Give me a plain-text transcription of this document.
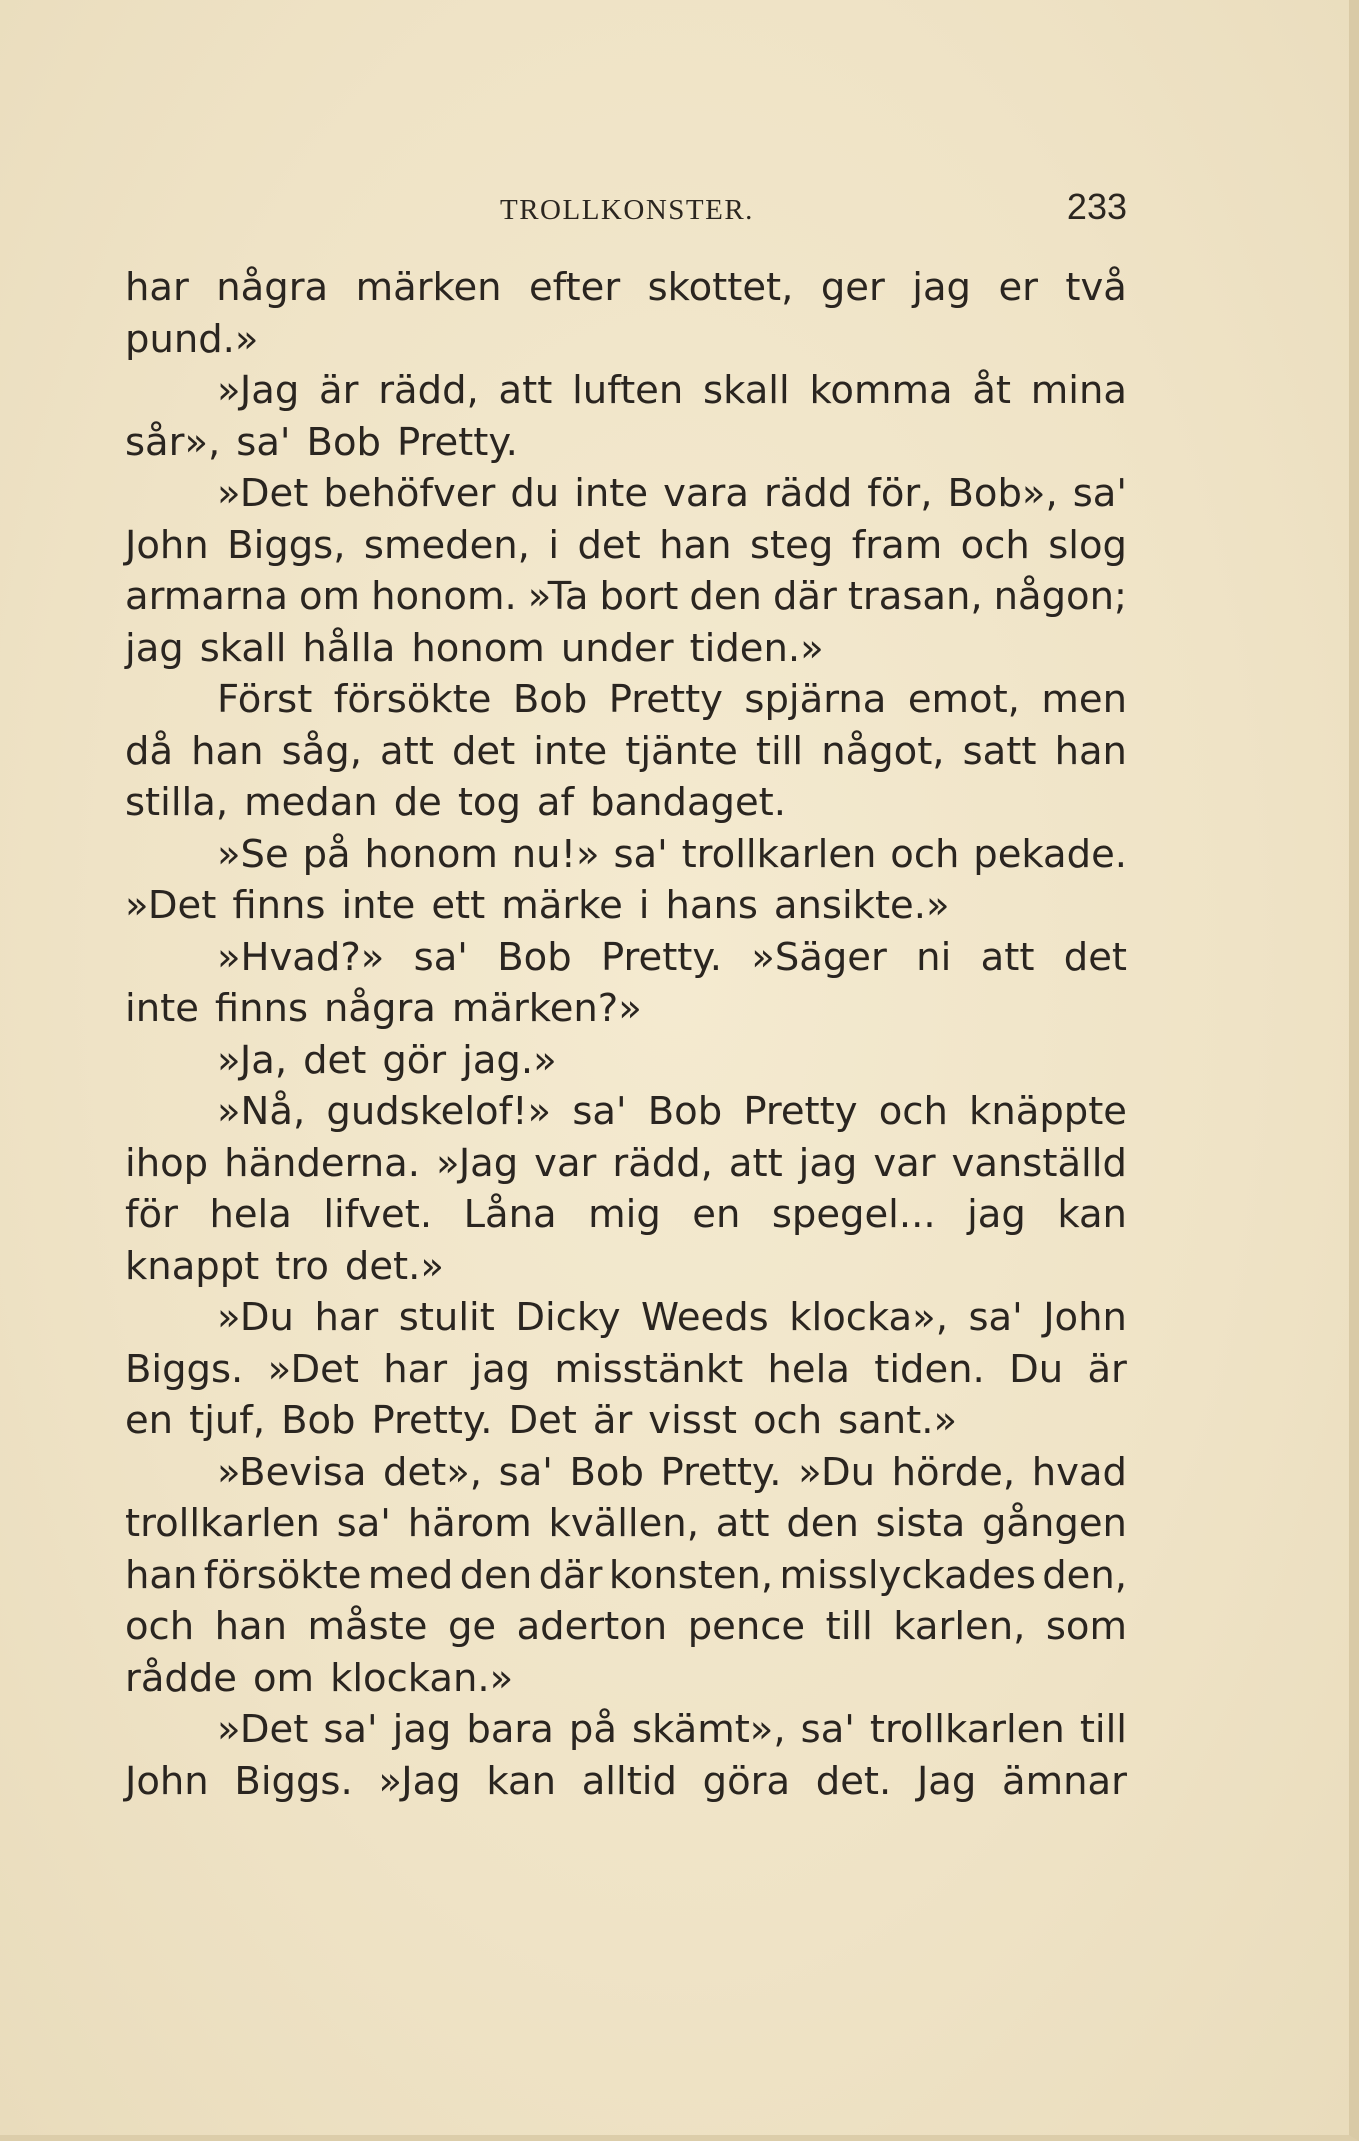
TROLLKONSTER.	233
har några märken efter skottet, ger jag er två
pund.»
»Jag är rädd, att luften skall komma åt mina
sår», sa' Bob Pretty.
»Det behöfver du inte vara rädd för, Bob», sa'
John Biggs, smeden, i det han steg fram och slog
armarna om honom. »Ta bort den där trasan, någon;
jag skall hålla honom under tiden.»
Först försökte Bob Pretty spjärna emot, men
då han såg, att det inte tjänte till något, satt han
stilla, medan de tog af bandaget.
»Se på honom nu!» sa' trollkarlen och pekade.
»Det finns inte ett märke i hans ansikte.»
»Hvad?» sa' Bob Pretty. »Säger ni att det
inte finns några märken?»
»Ja, det gör jag.»
»Nå, gudskelof!» sa' Bob Pretty och knäppte
ihop händerna. »Jag var rädd, att jag var vanställd
för hela lifvet. Låna mig en spegel... jag kan
knappt tro det.»
»Du har stulit Dicky Weeds klocka», sa' John
Biggs. »Det har jag misstänkt hela tiden. Du är
en tjuf, Bob Pretty. Det är visst och sant.»
»Bevisa det», sa' Bob Pretty. »Du hörde, hvad
trollkarlen sa' härom kvällen, att den sista gången
han försökte med den där konsten, misslyckades den,
och han måste ge aderton pence till karlen, som
rådde om klockan.»
»Det sa' jag bara på skämt», sa' trollkarlen till
John Biggs. »Jag kan alltid göra det. Jag ämnar
